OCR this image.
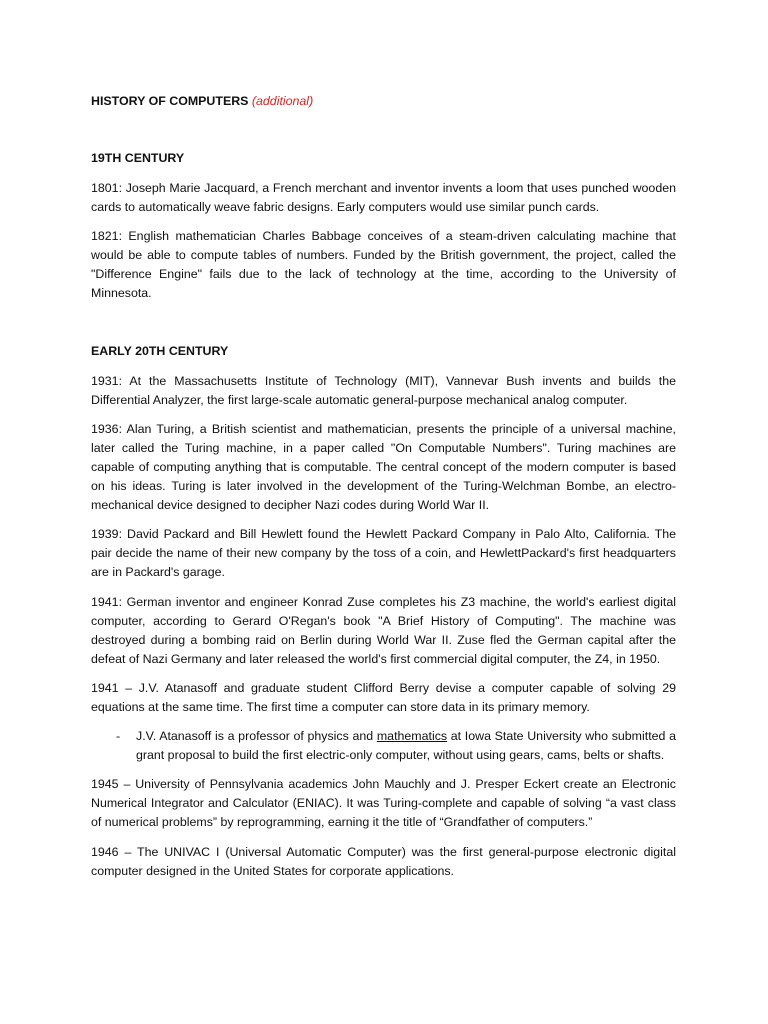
HISTORY OF COMPUTERS (additional)
19TH CENTURY

1801: Joseph Marie Jacquard, a French merchant and inventor invents a loom that uses punched wooden cards to automatically weave fabric designs. Early computers would use similar punch cards.

1821: English mathematician Charles Babbage conceives of a steam-driven calculating machine that would be able to compute tables of numbers. Funded by the British government, the project, called the "Difference Engine" fails due to the lack of technology at the time, according to the University of Minnesota.

EARLY 20TH CENTURY

1931: At the Massachusetts Institute of Technology (MIT), Vannevar Bush invents and builds the Differential Analyzer, the first large-scale automatic general-purpose mechanical analog computer.

1936: Alan Turing, a British scientist and mathematician, presents the principle of a universal machine, later called the Turing machine, in a paper called "On Computable Numbers". Turing machines are capable of computing anything that is computable. The central concept of the modern computer is based on his ideas. Turing is later involved in the development of the Turing-Welchman Bombe, an electro-mechanical device designed to decipher Nazi codes during World War II.

1939: David Packard and Bill Hewlett found the Hewlett Packard Company in Palo Alto, California. The pair decide the name of their new company by the toss of a coin, and HewlettPackard's first headquarters are in Packard's garage.

1941: German inventor and engineer Konrad Zuse completes his Z3 machine, the world's earliest digital computer, according to Gerard O'Regan's book "A Brief History of Computing". The machine was destroyed during a bombing raid on Berlin during World War II. Zuse fled the German capital after the defeat of Nazi Germany and later released the world's first commercial digital computer, the Z4, in 1950.

1941 – J.V. Atanasoff and graduate student Clifford Berry devise a computer capable of solving 29 equations at the same time. The first time a computer can store data in its primary memory.

- J.V. Atanasoff is a professor of physics and mathematics at Iowa State University who submitted a grant proposal to build the first electric-only computer, without using gears, cams, belts or shafts.

1945 – University of Pennsylvania academics John Mauchly and J. Presper Eckert create an Electronic Numerical Integrator and Calculator (ENIAC). It was Turing-complete and capable of solving “a vast class of numerical problems” by reprogramming, earning it the title of “Grandfather of computers.”

1946 – The UNIVAC I (Universal Automatic Computer) was the first general-purpose electronic digital computer designed in the United States for corporate applications.
